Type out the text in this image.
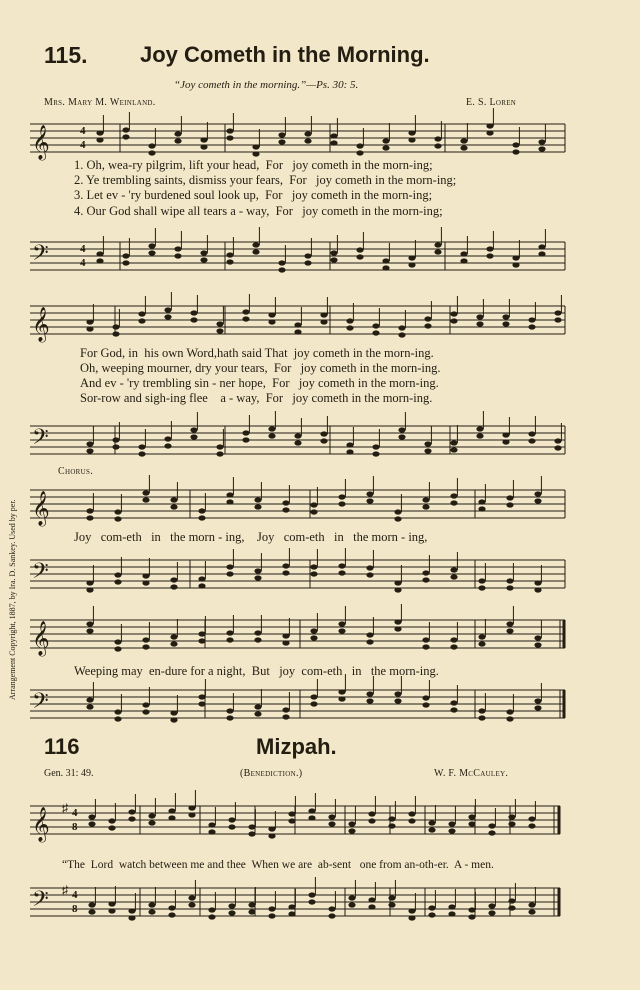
115. Joy Cometh in the Morning.
“Joy cometh in the morning.”—Ps. 30: 5.
Mrs. Mary M. Weinland.	E. S. Loren
Arrangement Copyright, 1887, by Ira. D. Sankey. Used by per.
𝄞	4
4
1. Oh, wea-ry pilgrim, lift your head,  For   joy cometh in the morn-ing;
2. Ye trembling saints, dismiss your fears,  For   joy cometh in the morn-ing;
3. Let ev - 'ry burdened soul look up,  For   joy cometh in the morn-ing;
4. Our God shall wipe all tears a - way,  For   joy cometh in the morn-ing;
𝄢	4
4
𝄞
For God, in  his own Word,hath said That  joy cometh in the morn-ing.
Oh, weeping mourner, dry your tears,  For   joy cometh in the morn-ing.
And ev - 'ry trembling sin - ner hope,  For   joy cometh in the morn-ing.
Sor-row and sigh-ing flee    a - way,  For   joy cometh in the morn-ing.
𝄢
Chorus.
𝄞
Joy   com-eth   in   the morn - ing,    Joy   com-eth   in   the morn - ing,
𝄢
𝄞
Weeping may  en-dure for a night,  But   joy  com-eth   in   the morn-ing.
𝄢
116	Mizpah.
Gen. 31: 49.	(Benediction.)	W. F. McCauley.
𝄞 ♯ 4
8
“The  Lord  watch between me and thee  When we are  ab-sent   one from an-oth-er.  A - men.
𝄢 ♯ 4
8
